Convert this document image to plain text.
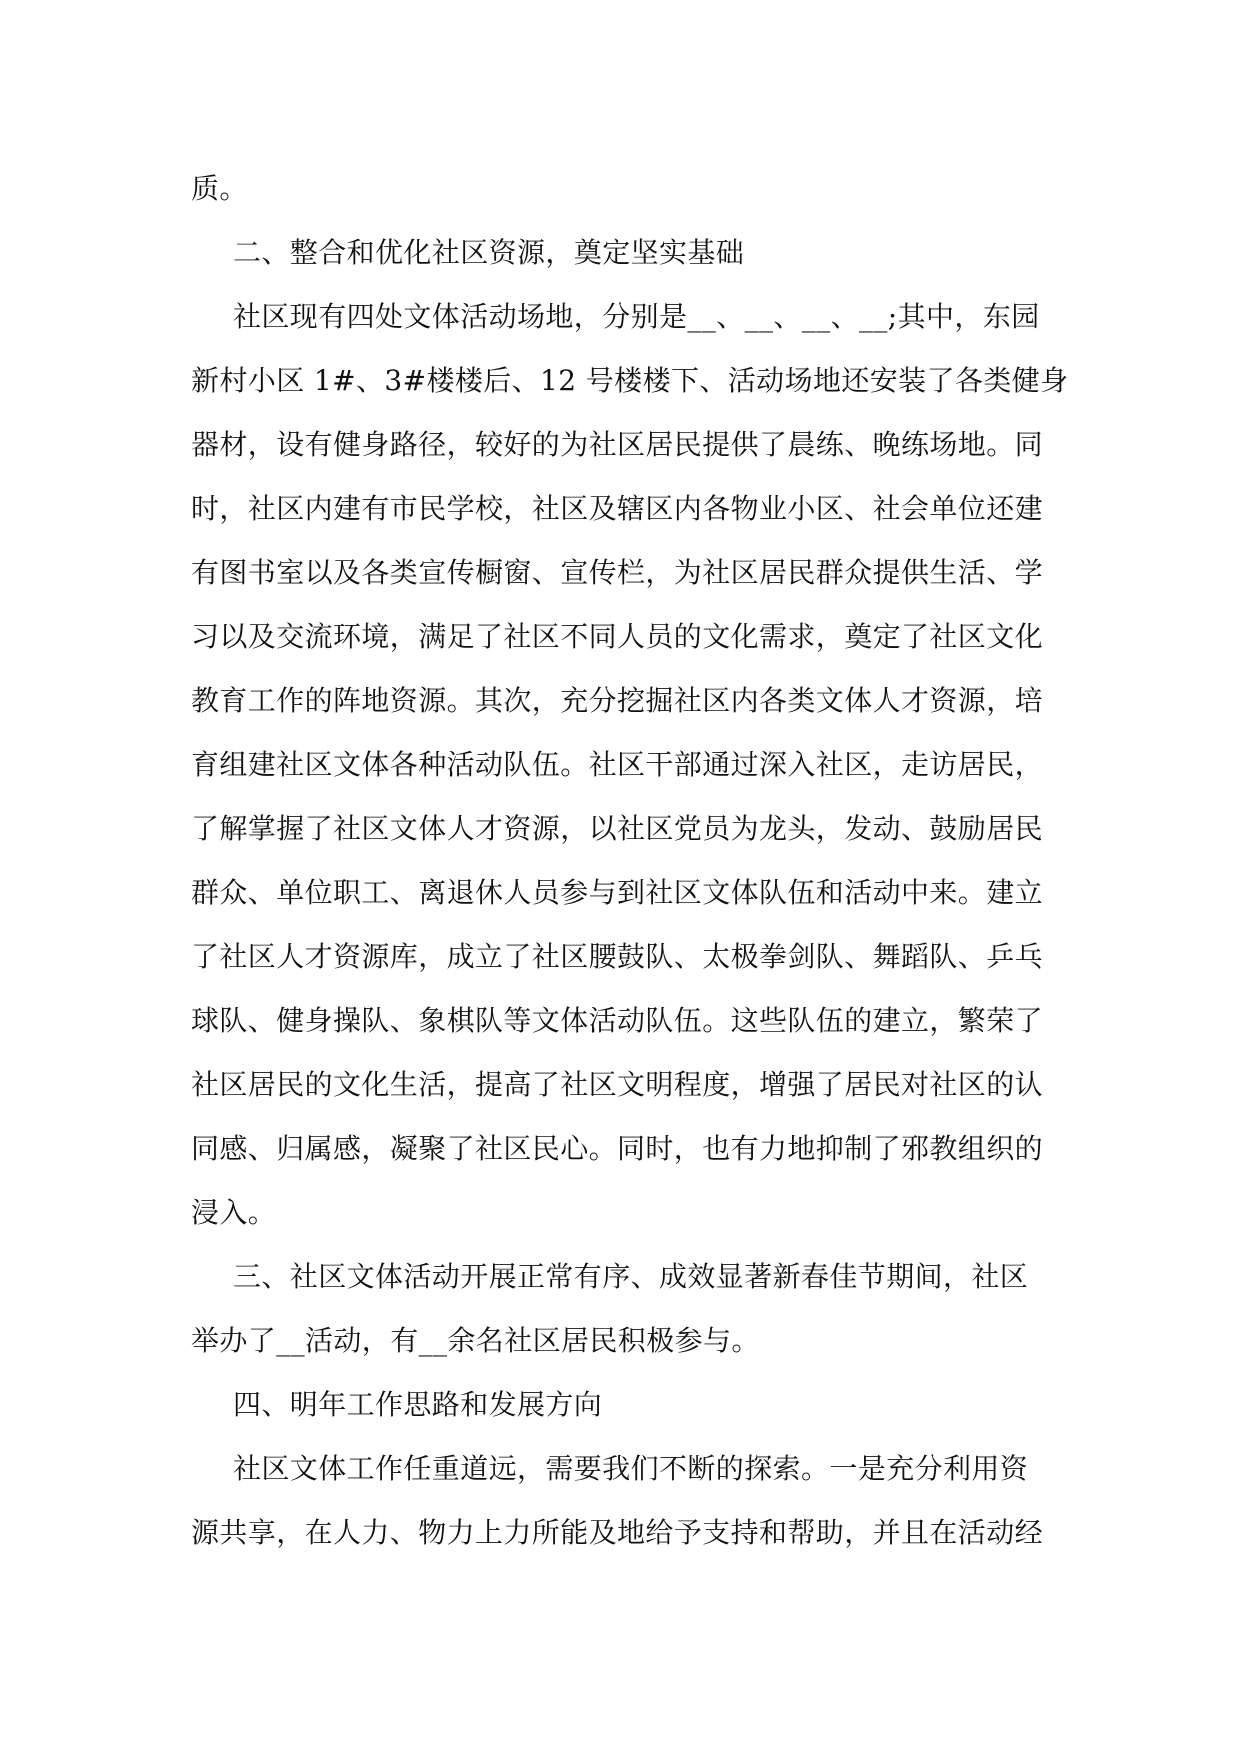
质。
二、整合和优化社区资源，奠定坚实基础
社区现有四处文体活动场地，分别是__、__、__、__;其中，东园
新村小区 1#、3#楼楼后、12 号楼楼下、活动场地还安装了各类健身
器材，设有健身路径，较好的为社区居民提供了晨练、晚练场地。同
时，社区内建有市民学校，社区及辖区内各物业小区、社会单位还建
有图书室以及各类宣传橱窗、宣传栏，为社区居民群众提供生活、学
习以及交流环境，满足了社区不同人员的文化需求，奠定了社区文化
教育工作的阵地资源。其次，充分挖掘社区内各类文体人才资源，培
育组建社区文体各种活动队伍。社区干部通过深入社区，走访居民，
了解掌握了社区文体人才资源，以社区党员为龙头，发动、鼓励居民
群众、单位职工、离退休人员参与到社区文体队伍和活动中来。建立
了社区人才资源库，成立了社区腰鼓队、太极拳剑队、舞蹈队、乒乓
球队、健身操队、象棋队等文体活动队伍。这些队伍的建立，繁荣了
社区居民的文化生活，提高了社区文明程度，增强了居民对社区的认
同感、归属感，凝聚了社区民心。同时，也有力地抑制了邪教组织的
浸入。
三、社区文体活动开展正常有序、成效显著新春佳节期间，社区
举办了__活动，有__余名社区居民积极参与。
四、明年工作思路和发展方向
社区文体工作任重道远，需要我们不断的探索。一是充分利用资
源共享，在人力、物力上力所能及地给予支持和帮助，并且在活动经
